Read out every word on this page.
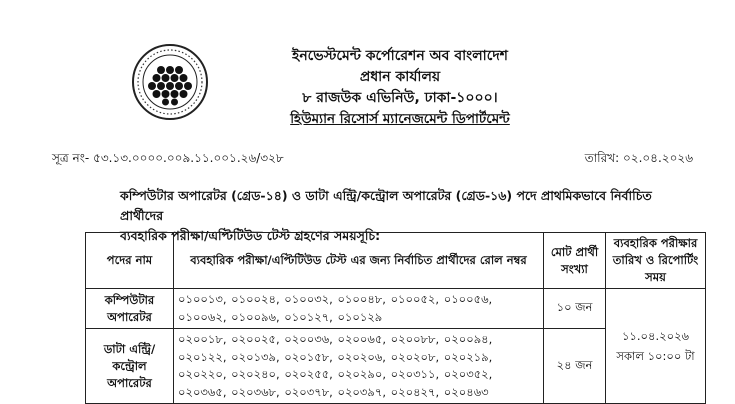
ইনভেস্টমেন্ট কর্পোরেশন অব বাংলাদেশ
প্রধান কার্যালয়
৮ রাজউক এভিনিউ, ঢাকা-১০০০।
হিউম্যান রিসোর্স ম্যানেজমেন্ট ডিপার্টমেন্ট
সূত্র নং- ৫৩.১৩.০০০০.০০৯.১১.০০১.২৬/৩২৮	তারিখ: ০২.০৪.২০২৬
কম্পিউটার অপারেটর (গ্রেড-১৪) ও ডাটা এন্ট্রি/কন্ট্রোল অপারেটর (গ্রেড-১৬) পদে প্রাথমিকভাবে নির্বাচিত প্রার্থীদের
ব্যবহারিক পরীক্ষা/এপ্টিটিউড টেস্ট গ্রহণের সময়সূচি:
পদের নাম	ব্যবহারিক পরীক্ষা/এপ্টিটিউড টেস্ট এর জন্য নির্বাচিত প্রার্থীদের রোল নম্বর	মোট প্রার্থী সংখ্যা	ব্যবহারিক পরীক্ষার তারিখ ও রিপোর্টিং সময়
কম্পিউটার অপারেটর	০১০০১৩, ০১০০২৪, ০১০০৩২, ০১০০৪৮, ০১০০৫২, ০১০০৫৬, ০১০০৬২, ০১০০৯৬, ০১০১২৭, ০১০১২৯	১০ জন	১১.০৪.২০২৬
সকাল ১০:০০ টা

ডাটা এন্ট্রি/কন্ট্রোল অপারেটর	০২০০১৮, ০২০০২৫, ০২০০৩৬, ০২০০৬৫, ০২০০৮৮, ০২০০৯৪, ০২০১২২, ০২০১৩৯, ০২০১৫৮, ০২০২০৬, ০২০২০৮, ০২০২১৯, ০২০২২০, ০২০২৪০, ০২০২৫৫, ০২০২৯০, ০২০৩১১, ০২০৩৫২, ০২০৩৬৫, ০২০৩৬৮, ০২০৩৭৮, ০২০৩৯৭, ০২০৪২৭, ০২০৪৬৩	২৪ জন	
